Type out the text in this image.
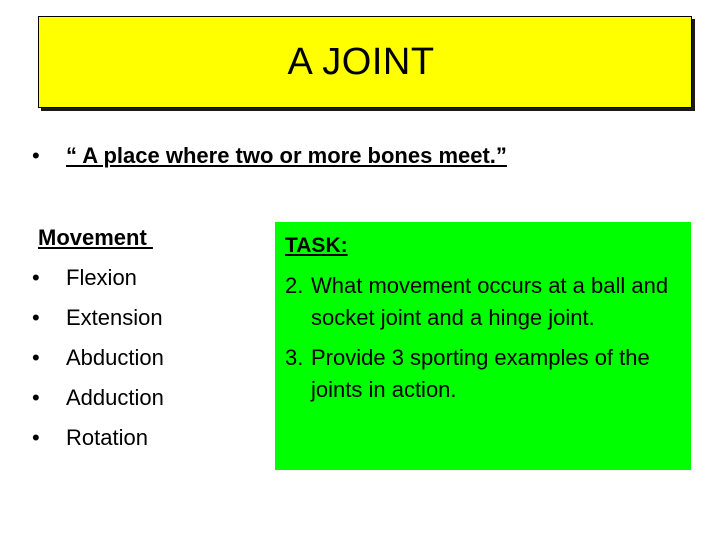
A JOINT
• “ A place where two or more bones meet.”
Movement
• Flexion
• Extension
• Abduction
• Adduction
• Rotation
TASK:
2. What movement occurs at a ball and socket joint and a hinge joint.
3. Provide 3 sporting examples of the joints in action.
